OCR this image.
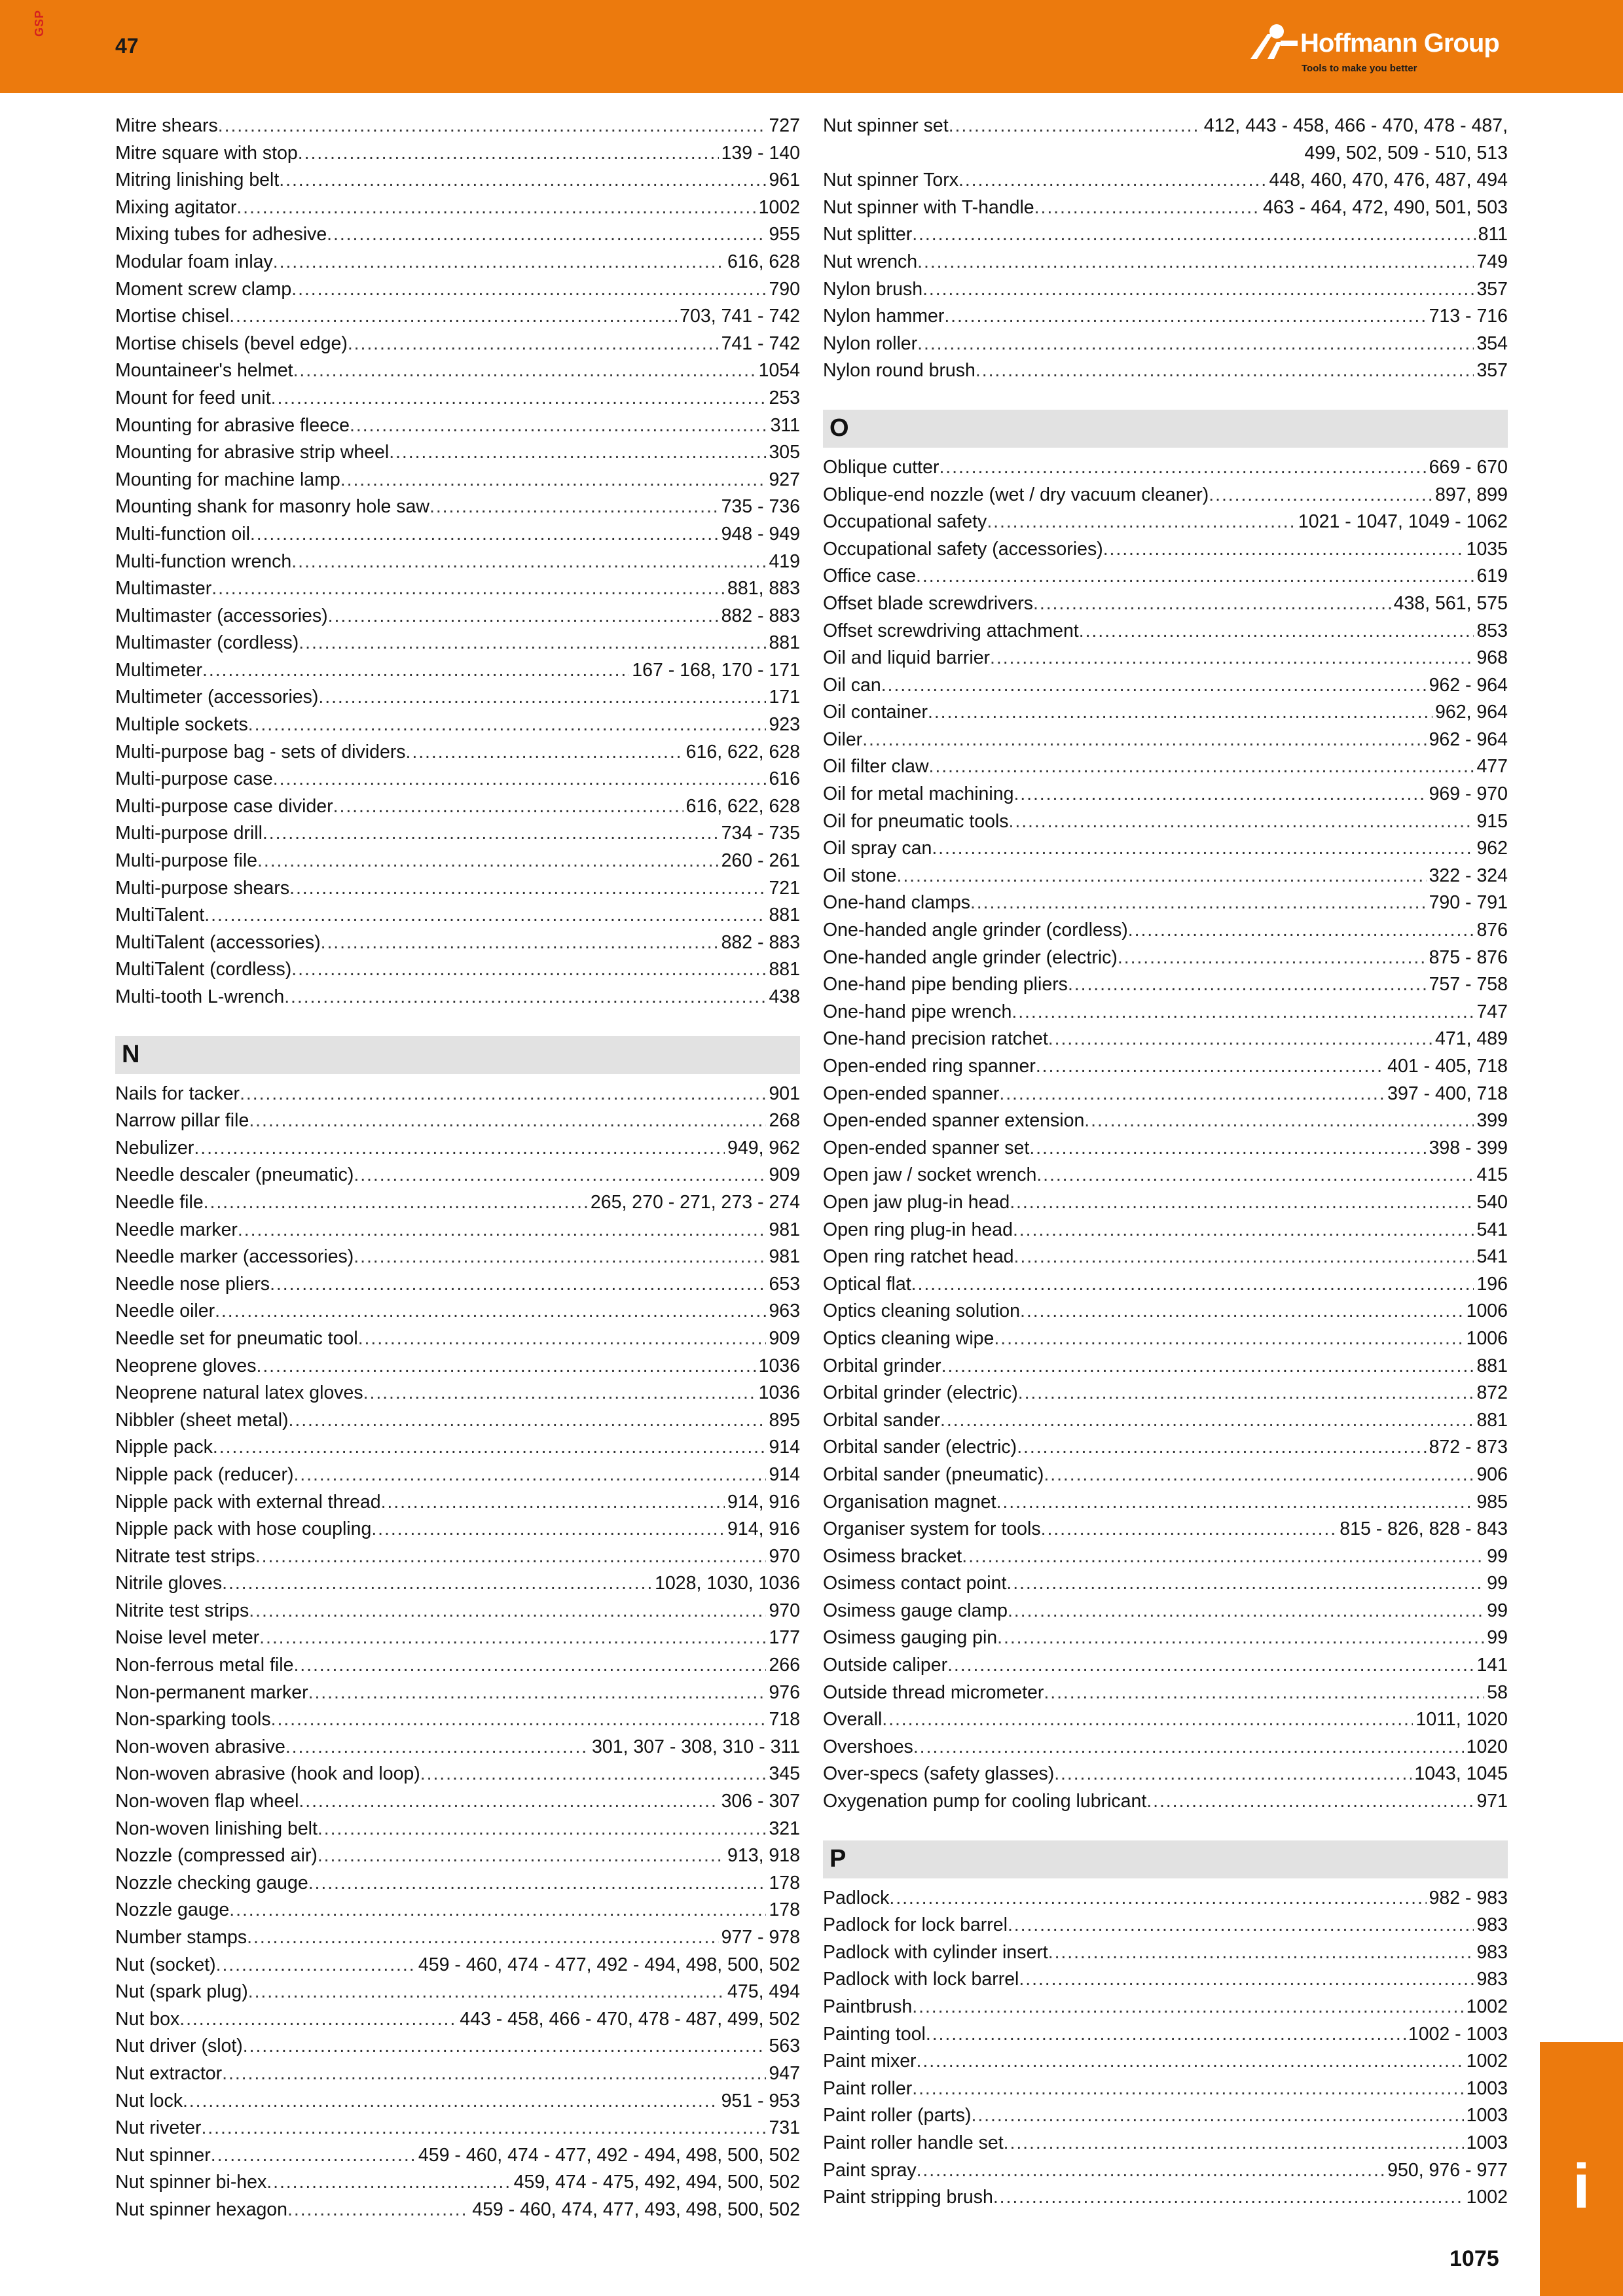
GSP
47	Hoffmann Group
Tools to make you better
Mitre shears . . .	727
Mitre square with stop . . .	139 - 140
Mitring linishing belt . . .	961
Mixing agitator . . .	1002
Mixing tubes for adhesive . . .	955
Modular foam inlay . . .	616, 628
Moment screw clamp . . .	790
Mortise chisel . . .	703, 741 - 742
Mortise chisels (bevel edge) . . .	741 - 742
Mountaineer's helmet . . .	1054
Mount for feed unit . . .	253
Mounting for abrasive fleece . . .	311
Mounting for abrasive strip wheel . . .	305
Mounting for machine lamp . . .	927
Mounting shank for masonry hole saw . . .	735 - 736
Multi-function oil . . .	948 - 949
Multi-function wrench . . .	419
Multimaster . . .	881, 883
Multimaster (accessories) . . .	882 - 883
Multimaster (cordless) . . .	881
Multimeter . . .	167 - 168, 170 - 171
Multimeter (accessories) . . .	171
Multiple sockets . . .	923
Multi-purpose bag - sets of dividers . . .	616, 622, 628
Multi-purpose case . . .	616
Multi-purpose case divider . . .	616, 622, 628
Multi-purpose drill . . .	734 - 735
Multi-purpose file . . .	260 - 261
Multi-purpose shears . . .	721
MultiTalent . . .	881
MultiTalent (accessories) . . .	882 - 883
MultiTalent (cordless) . . .	881
Multi-tooth L-wrench . . .	438
N
Nails for tacker . . .	901
Narrow pillar file . . .	268
Nebulizer . . .	949, 962
Needle descaler (pneumatic) . . .	909
Needle file . . .	265, 270 - 271, 273 - 274
Needle marker . . .	981
Needle marker (accessories) . . .	981
Needle nose pliers . . .	653
Needle oiler . . .	963
Needle set for pneumatic tool . . .	909
Neoprene gloves . . .	1036
Neoprene natural latex gloves . . .	1036
Nibbler (sheet metal) . . .	895
Nipple pack . . .	914
Nipple pack (reducer) . . .	914
Nipple pack with external thread . . .	914, 916
Nipple pack with hose coupling . . .	914, 916
Nitrate test strips . . .	970
Nitrile gloves . . .	1028, 1030, 1036
Nitrite test strips . . .	970
Noise level meter . . .	177
Non-ferrous metal file . . .	266
Non-permanent marker . . .	976
Non-sparking tools . . .	718
Non-woven abrasive . . .	301, 307 - 308, 310 - 311
Non-woven abrasive (hook and loop) . . .	345
Non-woven flap wheel . . .	306 - 307
Non-woven linishing belt . . .	321
Nozzle (compressed air) . . .	913, 918
Nozzle checking gauge . . .	178
Nozzle gauge . . .	178
Number stamps . . .	977 - 978
Nut (socket) . . .	459 - 460, 474 - 477, 492 - 494, 498, 500, 502
Nut (spark plug) . . .	475, 494
Nut box . . .	443 - 458, 466 - 470, 478 - 487, 499, 502
Nut driver (slot) . . .	563
Nut extractor . . .	947
Nut lock . . .	951 - 953
Nut riveter . . .	731
Nut spinner . . .	459 - 460, 474 - 477, 492 - 494, 498, 500, 502
Nut spinner bi-hex . . .	459, 474 - 475, 492, 494, 500, 502
Nut spinner hexagon . . .	459 - 460, 474, 477, 493, 498, 500, 502
Nut spinner set . . .	412, 443 - 458, 466 - 470, 478 - 487,
499, 502, 509 - 510, 513
Nut spinner Torx . . .	448, 460, 470, 476, 487, 494
Nut spinner with T-handle . . .	463 - 464, 472, 490, 501, 503
Nut splitter . . .	811
Nut wrench . . .	749
Nylon brush . . .	357
Nylon hammer . . .	713 - 716
Nylon roller . . .	354
Nylon round brush . . .	357
O
Oblique cutter . . .	669 - 670
Oblique-end nozzle (wet / dry vacuum cleaner) . . .	897, 899
Occupational safety . . .	1021 - 1047, 1049 - 1062
Occupational safety (accessories) . . .	1035
Office case . . .	619
Offset blade screwdrivers . . .	438, 561, 575
Offset screwdriving attachment . . .	853
Oil and liquid barrier . . .	968
Oil can . . .	962 - 964
Oil container . . .	962, 964
Oiler . . .	962 - 964
Oil filter claw . . .	477
Oil for metal machining . . .	969 - 970
Oil for pneumatic tools . . .	915
Oil spray can . . .	962
Oil stone . . .	322 - 324
One-hand clamps . . .	790 - 791
One-handed angle grinder (cordless) . . .	876
One-handed angle grinder (electric) . . .	875 - 876
One-hand pipe bending pliers . . .	757 - 758
One-hand pipe wrench . . .	747
One-hand precision ratchet . . .	471, 489
Open-ended ring spanner . . .	401 - 405, 718
Open-ended spanner . . .	397 - 400, 718
Open-ended spanner extension . . .	399
Open-ended spanner set . . .	398 - 399
Open jaw / socket wrench . . .	415
Open jaw plug-in head . . .	540
Open ring plug-in head . . .	541
Open ring ratchet head . . .	541
Optical flat . . .	196
Optics cleaning solution . . .	1006
Optics cleaning wipe . . .	1006
Orbital grinder . . .	881
Orbital grinder (electric) . . .	872
Orbital sander . . .	881
Orbital sander (electric) . . .	872 - 873
Orbital sander (pneumatic) . . .	906
Organisation magnet . . .	985
Organiser system for tools . . .	815 - 826, 828 - 843
Osimess bracket . . .	99
Osimess contact point . . .	99
Osimess gauge clamp . . .	99
Osimess gauging pin . . .	99
Outside caliper . . .	141
Outside thread micrometer . . .	58
Overall . . .	1011, 1020
Overshoes . . .	1020
Over-specs (safety glasses) . . .	1043, 1045
Oxygenation pump for cooling lubricant . . .	971
P
Padlock . . .	982 - 983
Padlock for lock barrel . . .	983
Padlock with cylinder insert . . .	983
Padlock with lock barrel . . .	983
Paintbrush . . .	1002
Painting tool . . .	1002 - 1003
Paint mixer . . .	1002
Paint roller . . .	1003
Paint roller (parts) . . .	1003
Paint roller handle set . . .	1003
Paint spray . . .	950, 976 - 977
Paint stripping brush . . .	1002	i
1075
